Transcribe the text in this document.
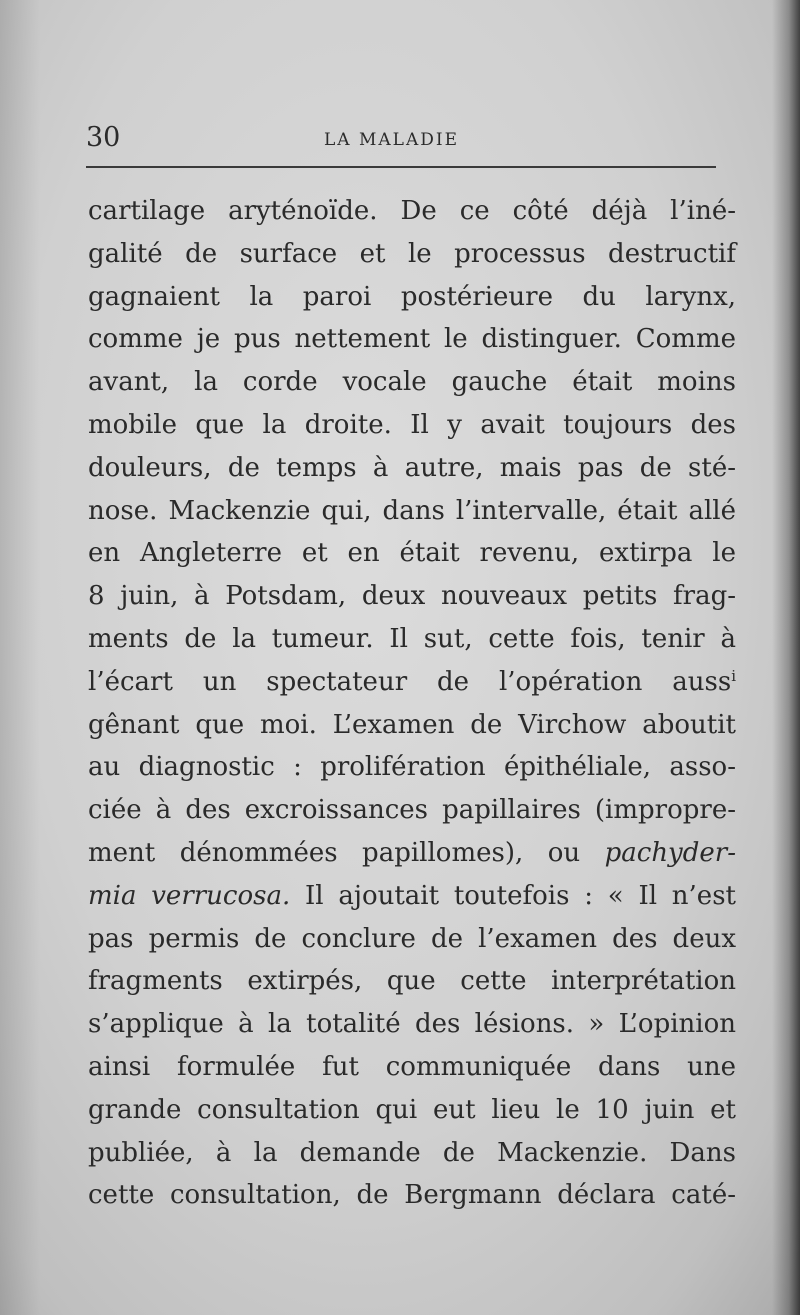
30	LA MALADIE
cartilage aryténoïde. De ce côté déjà l’iné-
galité de surface et le processus destructif
gagnaient la paroi postérieure du larynx,
comme je pus nettement le distinguer. Comme
avant, la corde vocale gauche était moins
mobile que la droite. Il y avait toujours des
douleurs, de temps à autre, mais pas de sté-
nose. Mackenzie qui, dans l’intervalle, était allé
en Angleterre et en était revenu, extirpa le
8 juin, à Potsdam, deux nouveaux petits frag-
ments de la tumeur. Il sut, cette fois, tenir à
l’écart un spectateur de l’opération auss$^i$
gênant que moi. L’examen de Virchow aboutit
au diagnostic : prolifération épithéliale, asso-
ciée à des excroissances papillaires (impropre-
ment dénommées papillomes), ou pachyder-
mia verrucosa. Il ajoutait toutefois : « Il n’est
pas permis de conclure de l’examen des deux
fragments extirpés, que cette interprétation
s’applique à la totalité des lésions. » L’opinion
ainsi formulée fut communiquée dans une
grande consultation qui eut lieu le 10 juin et
publiée, à la demande de Mackenzie. Dans
cette consultation, de Bergmann déclara caté-
